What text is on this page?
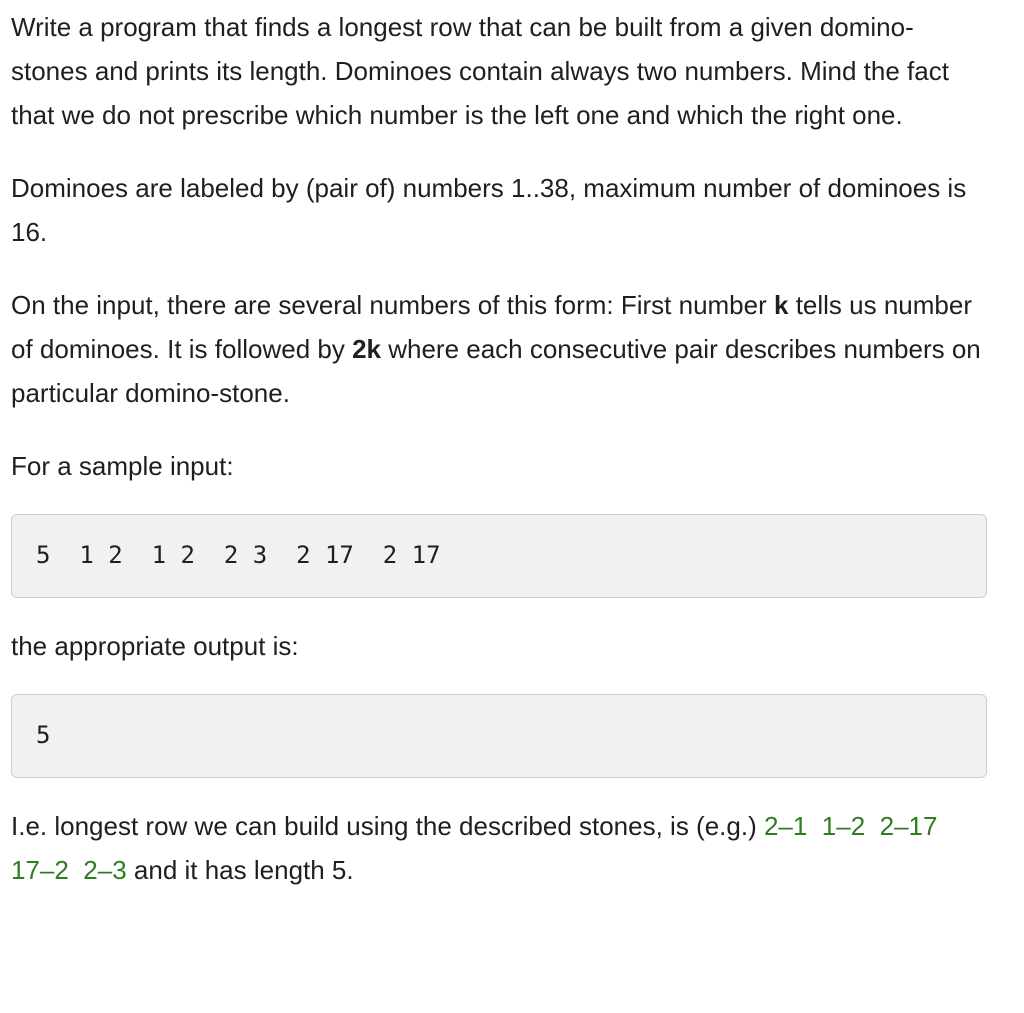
Write a program that finds a longest row that can be built from a given domino-stones and prints its length. Dominoes contain always two numbers. Mind the fact that we do not prescribe which number is the left one and which the right one.

Dominoes are labeled by (pair of) numbers 1..38, maximum number of dominoes is 16.

On the input, there are several numbers of this form: First number k tells us number of dominoes. It is followed by 2k where each consecutive pair describes numbers on particular domino-stone.

For a sample input:

5  1 2  1 2  2 3  2 17  2 17

the appropriate output is:

5

I.e. longest row we can build using the described stones, is (e.g.) 2–1  1–2  2–17  17–2  2–3 and it has length 5.
